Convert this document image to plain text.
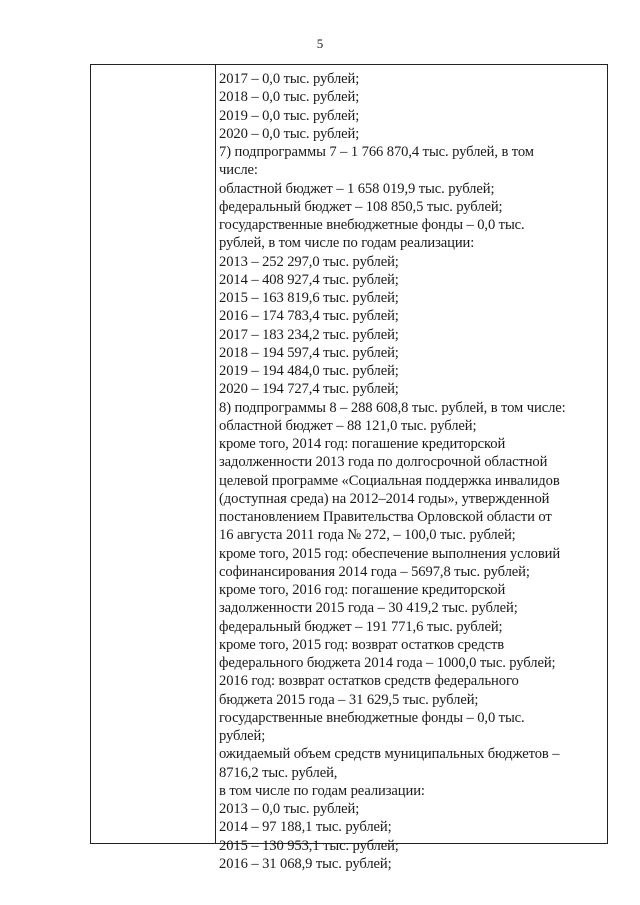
5
2017 – 0,0 тыс. рублей;
2018 – 0,0 тыс. рублей;
2019 – 0,0 тыс. рублей;
2020 – 0,0 тыс. рублей;
7) подпрограммы 7 – 1 766 870,4 тыс. рублей, в том
числе:
областной бюджет – 1 658 019,9 тыс. рублей;
федеральный бюджет – 108 850,5 тыс. рублей;
государственные внебюджетные фонды – 0,0 тыс.
рублей, в том числе по годам реализации:
2013 – 252 297,0 тыс. рублей;
2014 – 408 927,4 тыс. рублей;
2015 – 163 819,6 тыс. рублей;
2016 – 174 783,4 тыс. рублей;
2017 – 183 234,2 тыс. рублей;
2018 – 194 597,4 тыс. рублей;
2019 – 194 484,0 тыс. рублей;
2020 – 194 727,4 тыс. рублей;
8) подпрограммы 8 – 288 608,8 тыс. рублей, в том числе:
областной бюджет – 88 121,0 тыс. рублей;
кроме того, 2014 год: погашение кредиторской
задолженности 2013 года по долгосрочной областной
целевой программе «Социальная поддержка инвалидов
(доступная среда) на 2012–2014 годы», утвержденной
постановлением Правительства Орловской области от
16 августа 2011 года № 272, – 100,0 тыс. рублей;
кроме того, 2015 год: обеспечение выполнения условий
софинансирования 2014 года – 5697,8 тыс. рублей;
кроме того, 2016 год: погашение кредиторской
задолженности 2015 года – 30 419,2 тыс. рублей;
федеральный бюджет – 191 771,6 тыс. рублей;
кроме того, 2015 год: возврат остатков средств
федерального бюджета 2014 года – 1000,0 тыс. рублей;
2016 год: возврат остатков средств федерального
бюджета 2015 года – 31 629,5 тыс. рублей;
государственные внебюджетные фонды – 0,0 тыс.
рублей;
ожидаемый объем средств муниципальных бюджетов –
8716,2 тыс. рублей,
в том числе по годам реализации:
2013 – 0,0 тыс. рублей;
2014 – 97 188,1 тыс. рублей;
2015 – 130 953,1 тыс. рублей;
2016 – 31 068,9 тыс. рублей;
